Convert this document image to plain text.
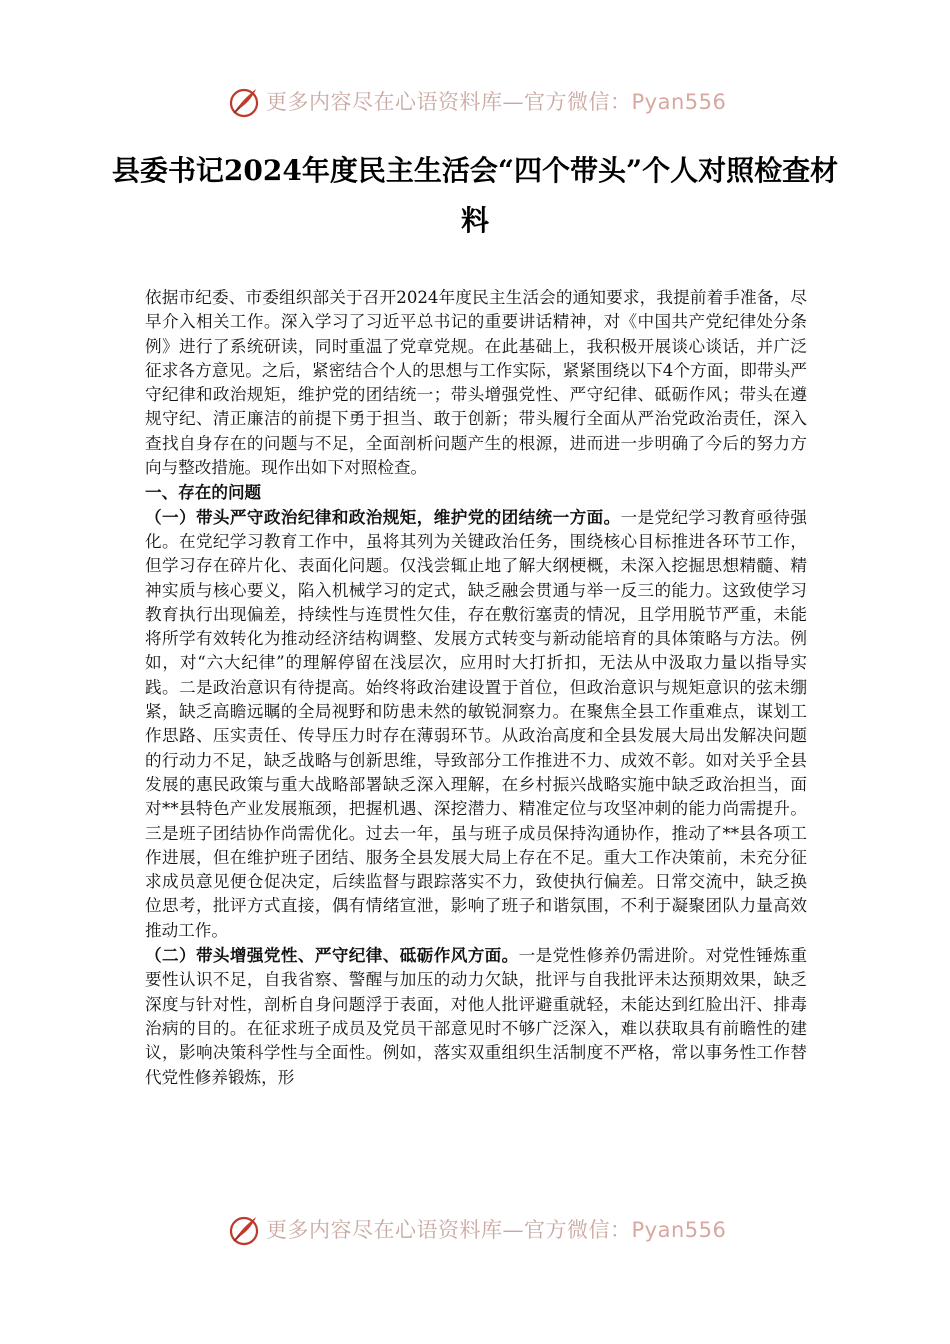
更多内容尽在心语资料库—官方微信：Pyan556
县委书记2024年度民主生活会“四个带头”个人对照检查材料

依据市纪委、市委组织部关于召开2024年度民主生活会的通知要求，我提前着手准备，尽早介入相关工作。深入学习了习近平总书记的重要讲话精神，对《中国共产党纪律处分条例》进行了系统研读，同时重温了党章党规。在此基础上，我积极开展谈心谈话，并广泛征求各方意见。之后，紧密结合个人的思想与工作实际，紧紧围绕以下4个方面，即带头严守纪律和政治规矩，维护党的团结统一；带头增强党性、严守纪律、砥砺作风；带头在遵规守纪、清正廉洁的前提下勇于担当、敢于创新；带头履行全面从严治党政治责任，深入查找自身存在的问题与不足，全面剖析问题产生的根源，进而进一步明确了今后的努力方向与整改措施。现作出如下对照检查。

一、存在的问题

（一）带头严守政治纪律和政治规矩，维护党的团结统一方面。一是党纪学习教育亟待强化。在党纪学习教育工作中，虽将其列为关键政治任务，围绕核心目标推进各环节工作，但学习存在碎片化、表面化问题。仅浅尝辄止地了解大纲梗概，未深入挖掘思想精髓、精神实质与核心要义，陷入机械学习的定式，缺乏融会贯通与举一反三的能力。这致使学习教育执行出现偏差，持续性与连贯性欠佳，存在敷衍塞责的情况，且学用脱节严重，未能将所学有效转化为推动经济结构调整、发展方式转变与新动能培育的具体策略与方法。例如，对“六大纪律”的理解停留在浅层次，应用时大打折扣，无法从中汲取力量以指导实践。二是政治意识有待提高。始终将政治建设置于首位，但政治意识与规矩意识的弦未绷紧，缺乏高瞻远瞩的全局视野和防患未然的敏锐洞察力。在聚焦全县工作重难点，谋划工作思路、压实责任、传导压力时存在薄弱环节。从政治高度和全县发展大局出发解决问题的行动力不足，缺乏战略与创新思维，导致部分工作推进不力、成效不彰。如对关乎全县发展的惠民政策与重大战略部署缺乏深入理解，在乡村振兴战略实施中缺乏政治担当，面对**县特色产业发展瓶颈，把握机遇、深挖潜力、精准定位与攻坚冲刺的能力尚需提升。三是班子团结协作尚需优化。过去一年，虽与班子成员保持沟通协作，推动了**县各项工作进展，但在维护班子团结、服务全县发展大局上存在不足。重大工作决策前，未充分征求成员意见便仓促决定，后续监督与跟踪落实不力，致使执行偏差。日常交流中，缺乏换位思考，批评方式直接，偶有情绪宣泄，影响了班子和谐氛围，不利于凝聚团队力量高效推动工作。

（二）带头增强党性、严守纪律、砥砺作风方面。一是党性修养仍需进阶。对党性锤炼重要性认识不足，自我省察、警醒与加压的动力欠缺，批评与自我批评未达预期效果，缺乏深度与针对性，剖析自身问题浮于表面，对他人批评避重就轻，未能达到红脸出汗、排毒治病的目的。在征求班子成员及党员干部意见时不够广泛深入，难以获取具有前瞻性的建议，影响决策科学性与全面性。例如，落实双重组织生活制度不严格，常以事务性工作替代党性修养锻炼，形

更多内容尽在心语资料库—官方微信：Pyan556
